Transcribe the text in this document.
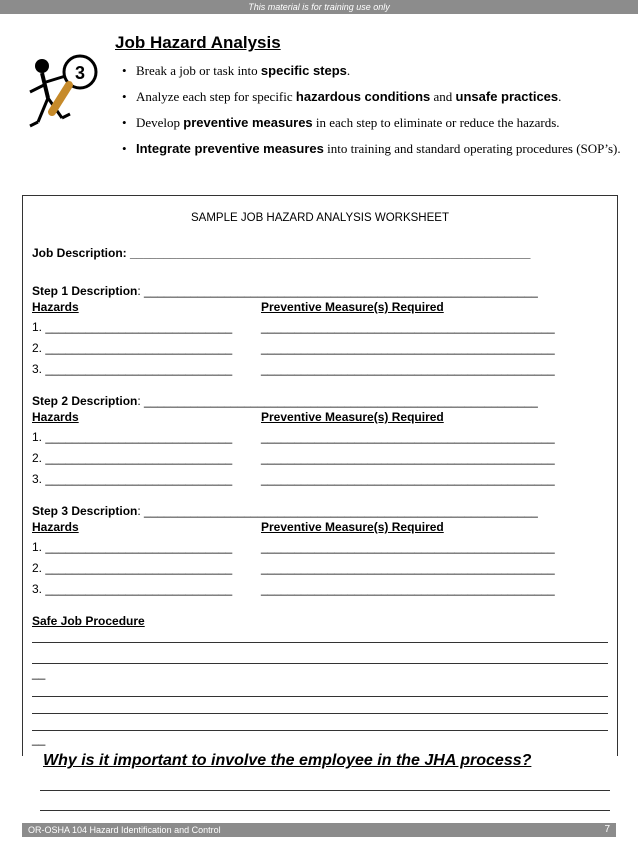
This material is for training use only
Job Hazard Analysis
3	• Break a job or task into specific steps.
• Analyze each step for specific hazardous conditions and unsafe practices.
• Develop preventive measures in each step to eliminate or reduce the hazards.
• Integrate preventive measures into training and standard operating procedures (SOP’s).
SAMPLE JOB HAZARD ANALYSIS WORKSHEET
Job Description: ____________________________________________________________
Step 1 Description: ___________________________________________________________
Hazards	Preventive Measure(s) Required
1. ____________________________ ____________________________________________
2. ____________________________ ____________________________________________
3. ____________________________ ____________________________________________
Step 2 Description: ___________________________________________________________
Hazards	Preventive Measure(s) Required
1. ____________________________ ____________________________________________
2. ____________________________ ____________________________________________
3. ____________________________ ____________________________________________
Step 3 Description: ___________________________________________________________
Hazards	Preventive Measure(s) Required
1. ____________________________ ____________________________________________
2. ____________________________ ____________________________________________
3. ____________________________ ____________________________________________
Safe Job Procedure
__
__
Why is it important to involve the employee in the JHA process?
OR-OSHA 104 Hazard Identification and Control	7
